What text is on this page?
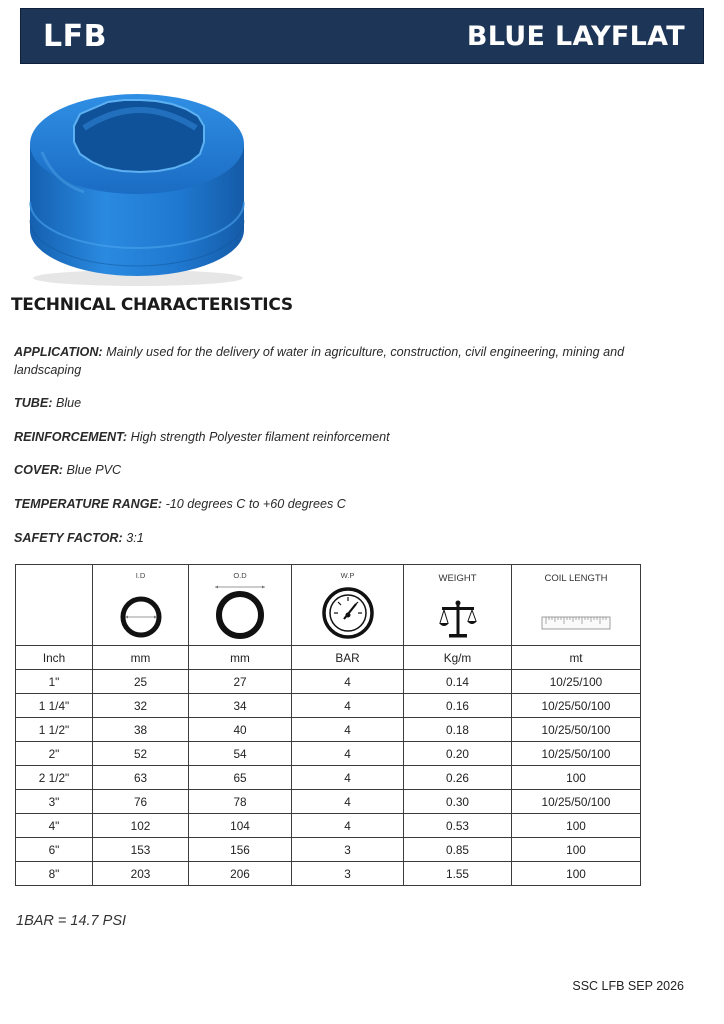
LFB	BLUE LAYFLAT
TECHNICAL CHARACTERISTICS
APPLICATION: Mainly used for the delivery of water in agriculture, construction, civil engineering, mining and landscaping
TUBE: Blue
REINFORCEMENT: High strength Polyester filament reinforcement
COVER: Blue PVC
TEMPERATURE RANGE: -10 degrees C to +60 degrees C
SAFETY FACTOR: 3:1

	I.D	O.D	W.P	WEIGHT	COIL LENGTH

Inch	mm	mm	BAR	Kg/m	mt
1"	25	27	4	0.14	10/25/100
1 1/4"	32	34	4	0.16	10/25/50/100
1 1/2"	38	40	4	0.18	10/25/50/100
2"	52	54	4	0.20	10/25/50/100
2 1/2"	63	65	4	0.26	100
3"	76	78	4	0.30	10/25/50/100
4"	102	104	4	0.53	100
6"	153	156	3	0.85	100
8"	203	206	3	1.55	100
1BAR = 14.7 PSI
SSC LFB SEP 2026
